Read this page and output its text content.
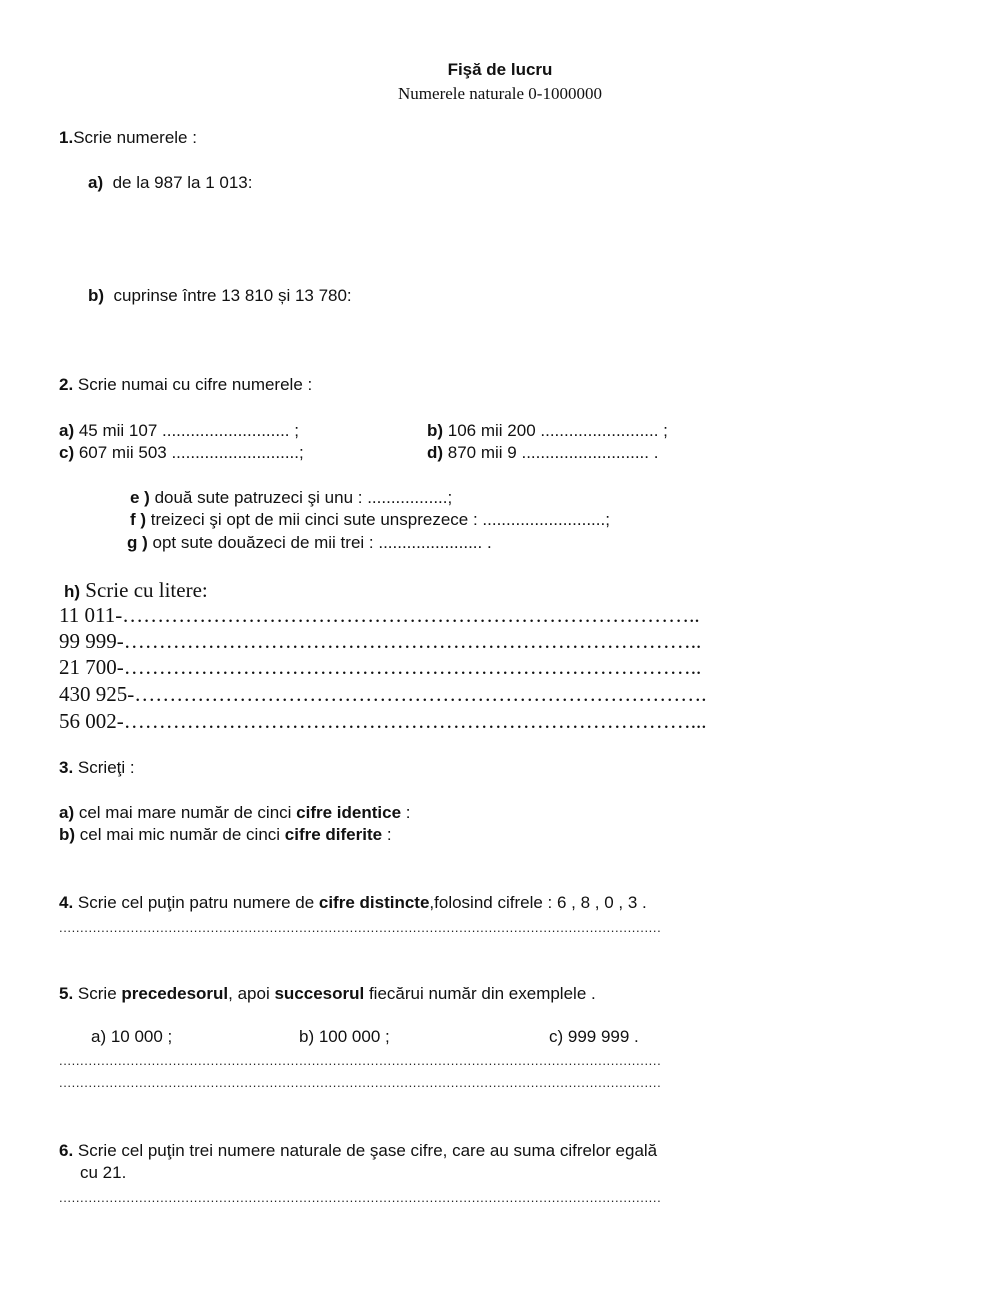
Fişă de lucru
Numerele naturale 0-1000000
1.Scrie numerele :
a) de la 987 la 1 013:
b) cuprinse între 13 810 și 13 780:
2. Scrie numai cu cifre numerele :
a) 45 mii 107 ........................... ;	b) 106 mii 200 ......................... ;
c) 607 mii 503 ...........................;	d) 870 mii 9 ........................... .
e ) două sute patruzeci şi unu : .................;
f ) treizeci şi opt de mii cinci sute unsprezece : ..........................;
g ) opt sute douăzeci de mii trei : ...................... .
h) Scrie cu litere:
11 011-………………………………………………………………………..
99 999-………………………………………………………………………..
21 700-………………………………………………………………………..
430 925-……………………………………………………………………….
56 002-………………………………………………………………………...
3. Scrieţi :
a) cel mai mare număr de cinci cifre identice :
b) cel mai mic număr de cinci cifre diferite :
4. Scrie cel puţin patru numere de cifre distincte,folosind cifrele : 6 , 8 , 0 , 3 .
...............................................................................................................................................
5. Scrie precedesorul, apoi succesorul fiecărui număr din exemplele .
a) 10 000 ;	b) 100 000 ;	c) 999 999 .
...............................................................................................................................................
...............................................................................................................................................
6. Scrie cel puţin trei numere naturale de şase cifre, care au suma cifrelor egală
cu 21.
...............................................................................................................................................
